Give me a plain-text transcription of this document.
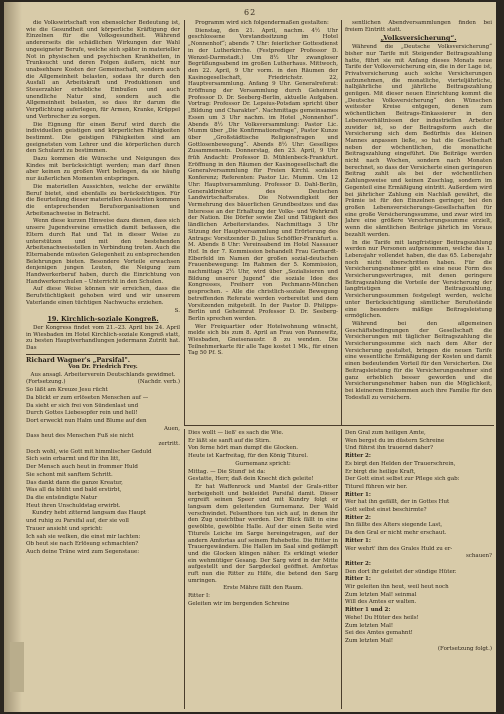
62

die Volkswirtschaft von ebensolcher Bedeutung ist, wie die Gesundheit und körperliche Kräftigung der Einzelnen für die Volksgesundheit. Während andererseits die schädlichen Wirkungen der Wahl ungeeigneter Berufe, welche sich später in materieller Not in physischen und psychischen Krankheiten, in Trunksucht und deren Folgen äußern, nicht nur unabsehbare Kosten der Gemeinschaft, sondern auch die Allgemeinheit belasten, sodass ihr durch den Ausfall an Arbeitskraft und Produktionen und Steuerzahler erhebliche Einbußen und auch unendliche Natur sind, sondern auch die Allgemeinheit belasten, so dass ihr darum die Verpflichtung auferlegen, für Armen, Kranke, Krüppel und Verbrecher zu sorgen.

Die Eignung für einen Beruf wird durch die individuellen geistigen und körperlichen Fähigkeiten bestimmt. Die geistigen Fähigkeiten sind am geeignetsten vom Lehrer und die körperlichen durch den Schularzt zu bestimmen.

Dazu kommen die Wünsche und Neigungen des Kindes mit berücksichtigt werden; man darf ihnen aber keinen zu großen Wert beilegen, da sie häufig nur äußerlichen Momenten entspringen.

Die materiellen Aussichten, welche der erwählte Beruf bietet, sind ebenfalls zu berücksichtigen. Für die Beurteilung dieser materiellen Aussichten kommen die entsprechenden Berufsorganisationen und Arbeitsnachweise in Betracht.

Wenn diese kurzen Hinweise dazu dienen, dass sich unsere Jugendvereine ernstlich damit befassen, die Eltern durch Rat und Tat in dieser Weise zu unterstützen und mit den bestehenden Arbeitsnachweisstellen in Verbindung treten. Auch die Elternabende müssten Gelegenheit zu entsprechenden Belehrungen bieten. Besondere Vorteile erwachsen denjenigen jungen Leuten, die Neigung zum Handwerkerberuf haben, durch die Einrichtung von Handwerkerschulen – Unterricht in den Schulen.

Auf diese Weise können wir erreichen, dass die Berufstüchtigkeit gehoben wird und wir unserem Vaterlande einen tüchtigen Nachwuchs erziehen.

S.

19. Kirchlich-soziale Kongreß.

Der Kongress findet vom 21.–23. April bis 24. April in Wiesbaden im Hotel Kirchlich-soziale Kongreß statt, zu besten Hauptverhandlungen jedermann Zutritt hat. Das

Richard Wagner's „Parsifal".

Von Dr. Friedrich Frey.

Aus ansagl. Arbeiterverein Deutschlands gewidmet.

(Fortsetzung.)	(Nachdr. verb.)

So läßt am Kreuze Jesu rücht

Da blickt er zum erlöseten Menschen auf —

Da sieht er sich frei von Sündenlast und

Durch Gottes Liebesopfer rein und hell!

Dort erweckt nun Halm und Blume auf den

Auen,

Dass heut des Menschen Fuß sie nicht

zertritt.

Doch wohl, wie Gott mit himmlischer Geduld

Sich sein erbarmt und für ihn litt,

Der Mensch auch heut in frommer Huld

Sie schont mit sanftem Schritt.

Das dankt dann die ganze Kreatur,

Was all da blüht und bald erstirbt,

Da die entsündigte Natur

Heut ihren Unschuldstag erwirbt.

Kundry hebt zitternd langsam das Haupt

und ruhig zu Parsifal auf, der sie voll

Trauer ansieht und spricht:

Ich sah sie welken, die einst mir lachten:

Ob heut sie nach Erlösung schmachten?

Auch deine Träne wird zum Segenstaue:

Programm wird sich folgendermaßen gestalten:

Dienstag, den 21. April, nachm. 4½ Uhr geschlossene Vorstandssitzung im Hotel „Nonnenhof“; abends 7 Uhr: feierlicher Gottesdienst in der Lutherkirche. (Festprediger Professor D. Wenzel-Darmstadt.) Um 8½ Uhr zwangloser Begrüßungsabend im großen Lutherhaus. Mittwoch, den 22. April, 9 Uhr vorm. in den Räumen der Kasinogesellschaft, Friedrichstr. 22, Hauptversammlung. Anfang 9 Uhr. Generalreferat: Eröffnung der Versammlung durch Geheimrat Professor D. Dr. Seeberg-Berlin, aktuelle Aufgaben. Vortrag: Professor Dr. Lepsius-Potsdam spricht über „Bildung und Charakter“. Nachmittags gemeinsames Essen um 3 Uhr nachm. im Hotel „Nonnenhof“. Abends 8½ Uhr Volksversammlung: Pastor Lic. Mumm über „Die Konfirmationsfrage“, Pastor Kunze über „Großstädtische Religionsfragen und Gottlosenbewegung“. Abends 8½ Uhr: Geselliges Zusammensein. Donnerstag, den 23. April, 9 Uhr früh Andacht: Professor D. Mühlenbeck-Frankfurt. Eröffnung in den Räumen der Kasinogesellschaft die Generalversammlung für Freien Kirchl. sozialen Konferenz; Referenten: Pastor Lic. Mumm. Um 12 Uhr: Hauptversammlung. Professor D. Dahl-Berlin, Generaldirektor des Deutschen Landwirtschaftsrates. Die Notwendigkeit der Vermehrung des bäuerlichen Grundbesitzes und das Interesse an der Erhaltung der Volks- und Wehrkraft der Nation. Die Dörfer sowie Ziel und Tätigkeit des ländlichen Arbeiterstandes. Nachmittags 3 Uhr Sitzung der Hauptversammlung und Erörterung des Antrags: Vorsitzender D. Julius Schöffler-Frankfurt a. M. Abends 8 Uhr: Vereinsabend im Hotel Nassauer Hof. In der 7. Kommission behandelt Frau Gerhardt-Elberfeld im Namen der großen sozial-deutschen Frauenbewegung: Im Rahmen der 5. Kommission, nachmittags 2½ Uhr, wird über „Sozialisieren und Bildung unserer Jugend“ die soziale Idee des Kongresses, Freiherr von Pechmann-München gesprochen. – Alle die christlich-soziale Bewegung betreffenden Referate werden vorbereitet und dem Vorsitzenden mitgeteilt. In der Pastor D. Philipps-Berlin und Geheimrat Professor D. Dr. Seeberg-Berlin sprechen werden.

Wer Freiquartier oder Hotelwohnung wünscht, melde sich bis zum 8. April an Frau von Pannewitz, Wiesbaden, Gneisenaustr. 8 zu wenden. Die Teilnehmerkarte für alle Tage kostet 1 Mk., für einen Tag 50 Pf. S.

sentlichen Abendversammlungen finden bei freiem Eintritt statt.

„Volksversicherung“.

Während die „Deutsche Volksversicherung“ bisher nur Tarife mit Steigender Beitragszahlung hatte, führt sie mit Anfang dieses Monats neue Tarife der Volksversicherung ein, die in der Lage ist, Privatversicherung auch solche Versicherungen aufzunehmen, die monatliche, vierteljährliche, halbjährliche und jährliche Beitragszahlung genügen. Mit dieser neuen Einrichtung kommt die „Deutsche Volksversicherung“ den Wünschen weitester Kreise entgegen, denen zum wöchentlichen Beitrags-Einkassierer in den Lebensverhältnissen der industriellen Arbeiter zuwider ist, so der Beitragsform auch die Versicherung sich dem Bedürfnis des kleinen Mannes anpassen ließe, so hat die Gesellschaft neben der wöchentlichen, die monatliche Beitragszahlung eingeführt. Die Beiträge werden nicht nach Wochen, sondern nach Monaten berechnet, so dass der Versicherte einen geringeren Beitrag zahlt als bei der wöchentlichen Zahlungsweise und keinen Zuschlag, sondern im Gegenteil eine Ermäßigung eintritt. Außerdem wird bei jährlicher Zahlung ein Nachlaß gewährt, die Prämie ist für den Einzelnen geringer, bei den großen Lebensversicherungs-Gesellschaften für eine große Versicherungssumme, und zwar wird im Jahre eine größere Versicherungssumme erzielt, wenn die sämtlichen Beiträge jährlich im Voraus bezahlt werden.

In die Tarife mit langfristiger Beitragszahlung werden nur Personen aufgenommen, welche das 1. Lebensjahr vollendet haben, die das 65. Lebensjahr noch nicht überschritten haben. Für die Versicherungsnehmer gibt es eine neue Form des Versicherungsvertrages, mit denen geringere Beitragszahlung die Vorteile der Versicherung der langfristigen Beitragszahlung, Versicherungssummen festgelegt werden, welche unter Berücksichtigung sämtlicher Berufsstände eine besonders mäßige Beitragsleistung ermöglichen.

Während bei den allgemeinen Geschäftsbedingungen der Gesellschaft die Versicherungen mit täglicher Beitragszahlung die Versicherungssumme sich nach dem Alter der Versicherung gestaltet, bringen die neuen Tarife eine wesentliche Ermäßigung der Kosten und damit einen bedeutenden Vorteil für den Versicherten. Die Beitragsleistung für die Versicherungsnehmer sind ganz erheblich besser geworden und die Versicherungsnehmer haben nun die Möglichkeit, bei kleinerem Einkommen auch ihre Familie für den Todesfall zu versichern.

Dies wollt — ließ' es sach die Wie.

Er läßt sie sanft auf die Stirn.

Von ferne hört man dumpf die Glocken.

Heute ist Karfreitag, für den König Titurel.

Gurnemanz spricht:

Mittag. — Die Stund' ist da:

Gestatte, Herr, daß dein Knecht dich geleite!

Er hat Waffenrock und Mantel der Grals-ritter herbeigeholt und bekleidet Parsifal damit. Dieser ergreift seinen Speer und mit Kundry folgt er langsam dem geleitenden Gurnemanz. Der Wald verschwindet. Felsenthore tun sich auf, in denen ihr den Zug unsichtbar werden. Der Blick fällt in eine gewölbte, gewölbte Halle. Auf der einen Seite wird Titurels Leiche im Sarge hereingetragen, auf der andern Amfortas auf seinem Ruhebette. Die Ritter in Trauergewändern. Die Hallen im Saal sind gedämpft und die Glocken klingen näher. Es erklingt wieder ein wehmütiger Gesang. Der Sarg wird in der Mitte aufgestellt und der Sargdeckel geöffnet. Amfortas ruft nun die Ritter zu Hilfe, die betend den Sarg umringen.

Erste Mähre fällt den Raum.

Ritter I:

Geleiten wir im bergenden Schreine

Den Gral zum heiligen Amte,

Wen bergst du im düstern Schreine

Und führst ihn trauernd daher?

Ritter 2:

Es birgt den Helden der Trauerschrein,

Er birgt die heilige Kraft,

Der Gott einst selbst zur Pflege sich gab:

Titurel führen wir her.

Ritter 1:

Wer hat ihn gefällt, der in Gottes Hut

Gott selbst einst beschirmte?

Ritter 2:

Ihn fällte des Alters siegende Last,

Da den Gral er nicht mehr erschaut.

Ritter 1:

Wer wehrt' ihm des Grales Huld zu er-

schauen?

Ritter 2:

Den dort ihr geleitet der sündige Hüter.

Ritter 1:

Wir geleiten ihn heut, weil heut noch

Zum letzten Mal! seinmal

Will des Amtes er walten.

Ritter 1 und 2:

Wehe! Du Hüter des heils!

Zum letzten Mal!

Sei des Amtes gemahnt!

Zum letzten Mal!

(Fortsetzung folgt.)
